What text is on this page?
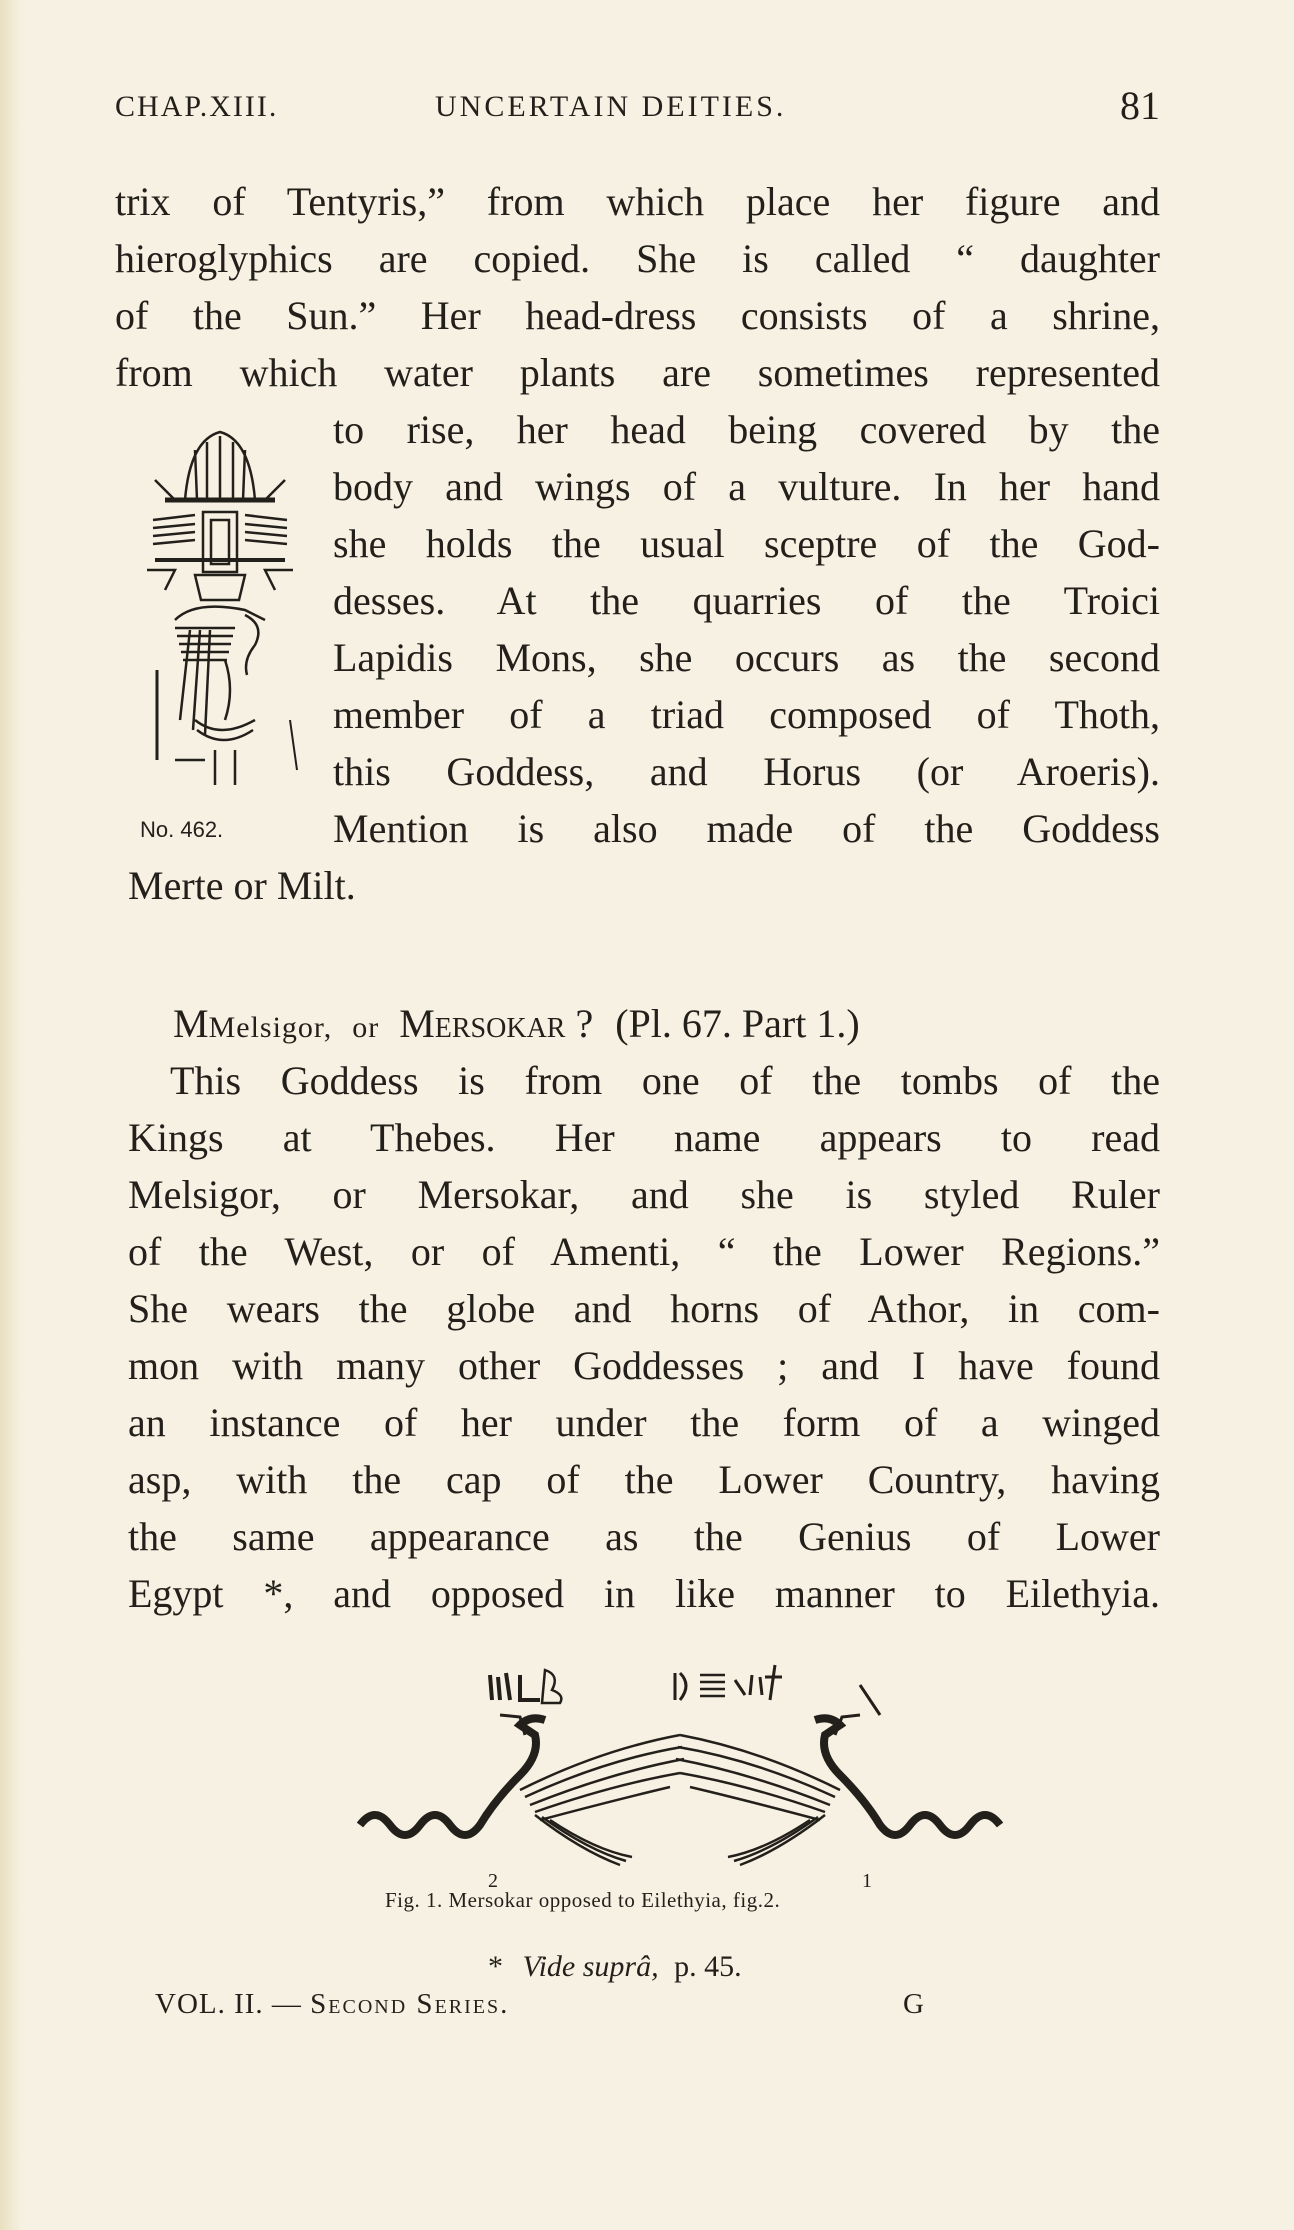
CHAP.XIII.	UNCERTAIN DEITIES.	81
trix of Tentyris,” from which place her figure and
hieroglyphics are copied. She is called “ daughter
of the Sun.” Her head-dress consists of a shrine,
from which water plants are sometimes represented
to rise, her head being covered by the
body and wings of a vulture. In her hand
she holds the usual sceptre of the God-
desses. At the quarries of the Troici
Lapidis Mons, she occurs as the second
member of a triad composed of Thoth,
this Goddess, and Horus (or Aroeris).
Mention is also made of the Goddess
Merte or Milt.
No. 462.
MMelsigor, or Mersokar ? (Pl. 67. Part 1.)
This Goddess is from one of the tombs of the
Kings at Thebes. Her name appears to read
Melsigor, or Mersokar, and she is styled Ruler
of the West, or of Amenti, “ the Lower Regions.”
She wears the globe and horns of Athor, in com-
mon with many other Goddesses ; and I have found
an instance of her under the form of a winged
asp, with the cap of the Lower Country, having
the same appearance as the Genius of Lower
Egypt *, and opposed in like manner to Eilethyia.
2	1
Fig. 1. Mersokar opposed to Eilethyia, fig.2.
* Vide suprâ, p. 45.
VOL. II. — Second Series.	G
